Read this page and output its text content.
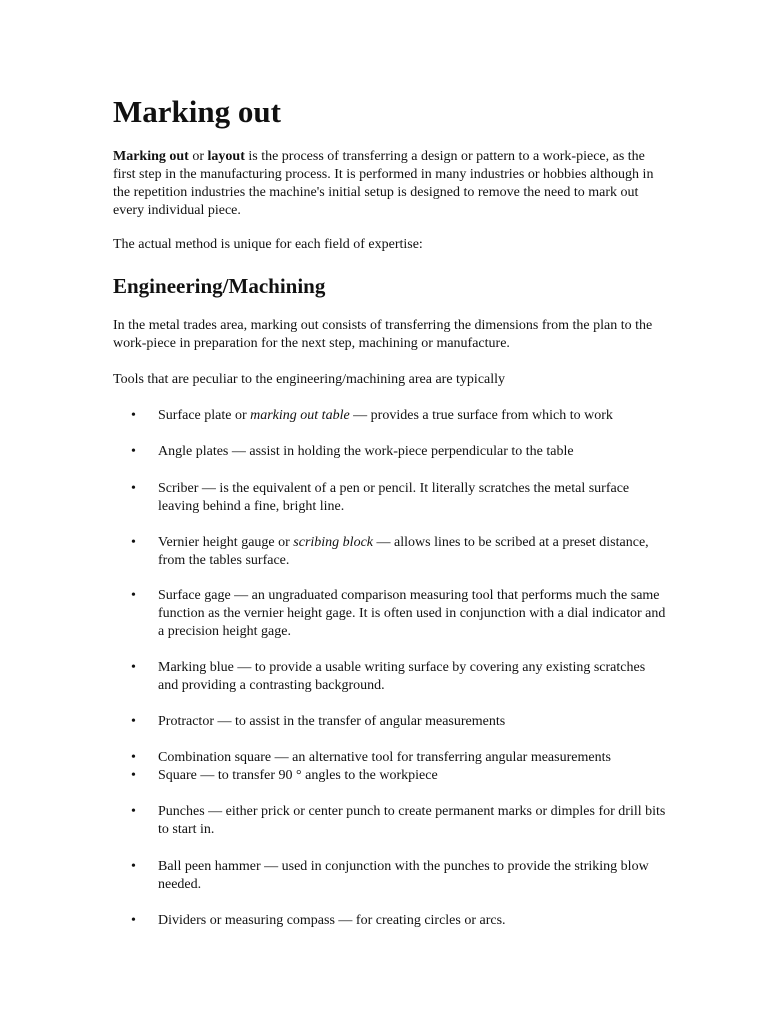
Marking out

Marking out or layout is the process of transferring a design or pattern to a work-piece, as the first step in the manufacturing process. It is performed in many industries or hobbies although in the repetition industries the machine's initial setup is designed to remove the need to mark out every individual piece.

The actual method is unique for each field of expertise:

Engineering/Machining

In the metal trades area, marking out consists of transferring the dimensions from the plan to the work-piece in preparation for the next step, machining or manufacture.

Tools that are peculiar to the engineering/machining area are typically

• Surface plate or marking out table — provides a true surface from which to work

• Angle plates — assist in holding the work-piece perpendicular to the table

• Scriber — is the equivalent of a pen or pencil. It literally scratches the metal surface leaving behind a fine, bright line.

• Vernier height gauge or scribing block — allows lines to be scribed at a preset distance, from the tables surface.

• Surface gage — an ungraduated comparison measuring tool that performs much the same function as the vernier height gage. It is often used in conjunction with a dial indicator and a precision height gage.

• Marking blue — to provide a usable writing surface by covering any existing scratches and providing a contrasting background.

• Protractor — to assist in the transfer of angular measurements

• Combination square — an alternative tool for transferring angular measurements

• Square — to transfer 90 ° angles to the workpiece

• Punches — either prick or center punch to create permanent marks or dimples for drill bits to start in.

• Ball peen hammer — used in conjunction with the punches to provide the striking blow needed.

• Dividers or measuring compass — for creating circles or arcs.
